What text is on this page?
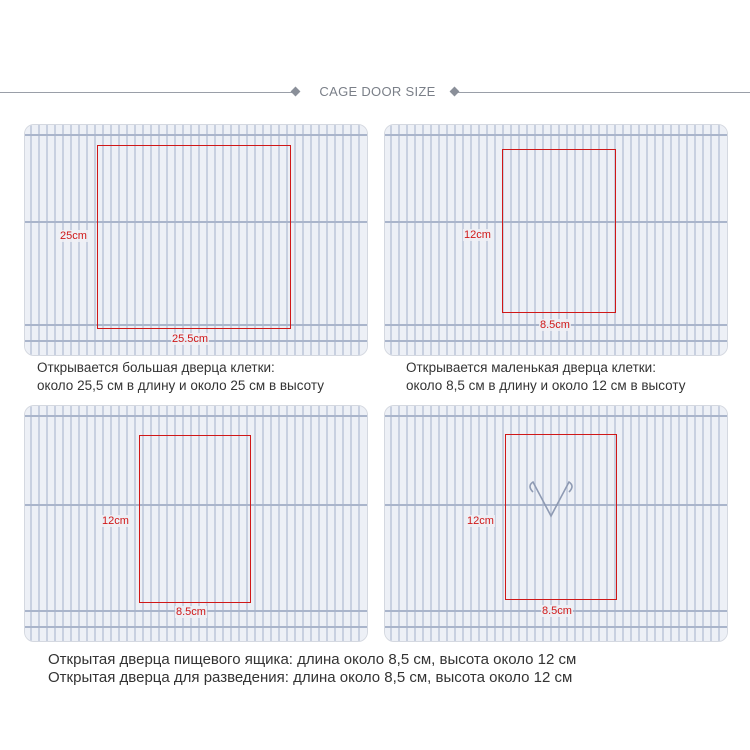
CAGE DOOR SIZE
25cm
25.5cm
Открывается большая дверца клетки:
около 25,5 см в длину и около 25 см в высоту
12cm
8.5cm
Открывается маленькая дверца клетки:
около 8,5 см в длину и около 12 см в высоту
12cm
8.5cm
12cm
8.5cm
Открытая дверца пищевого ящика: длина около 8,5 см, высота около 12 см
Открытая дверца для разведения: длина около 8,5 см, высота около 12 см
